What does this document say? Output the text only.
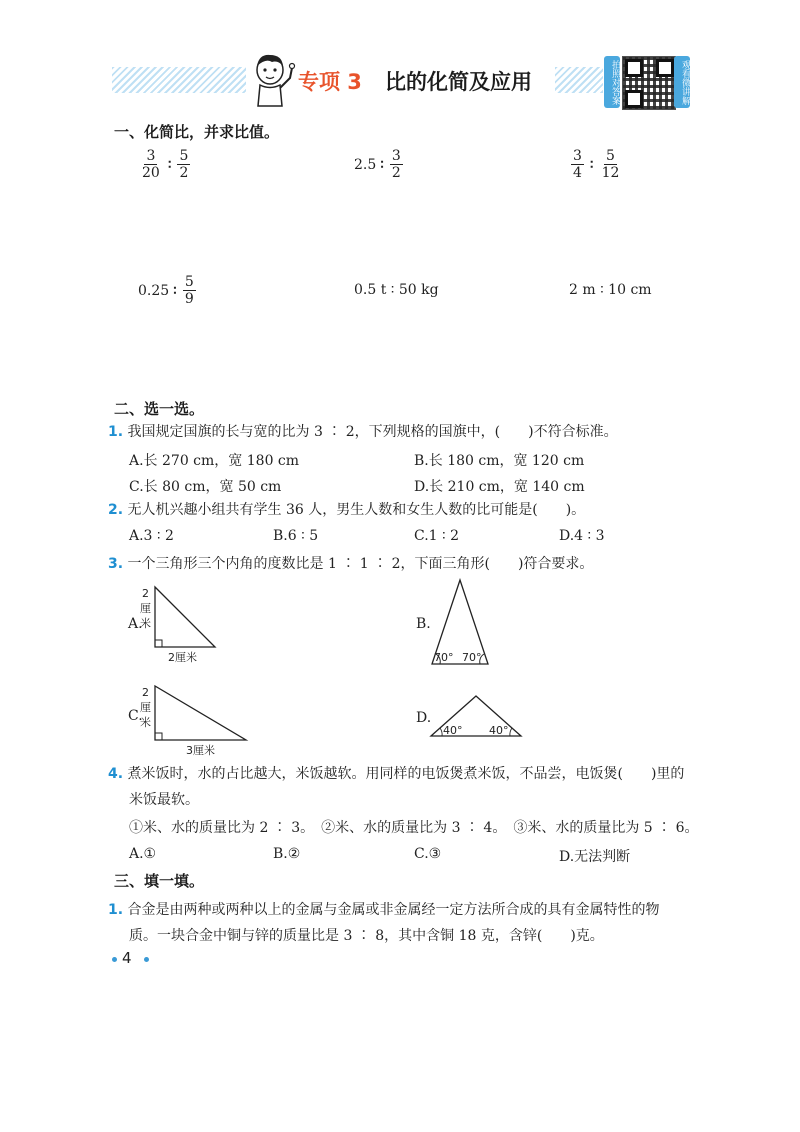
专项 3 比的化简及应用	拍照对答案	观看微讲解
一、化简比，并求比值。
$\frac{3}{20}$ ∶ $\frac{5}{2}$	2.5 ∶ $\frac{3}{2}$	$\frac{3}{4}$ ∶ $\frac{5}{12}$
0.25 ∶ $\frac{5}{9}$	0.5 t ∶ 50 kg	2 m ∶ 10 cm
二、选一选。
1. 我国规定国旗的长与宽的比为 3 ∶ 2，下列规格的国旗中，(　　)不符合标准。
A.长 270 cm，宽 180 cm	B.长 180 cm，宽 120 cm
C.长 80 cm，宽 50 cm	D.长 210 cm，宽 140 cm
2. 无人机兴趣小组共有学生 36 人，男生人数和女生人数的比可能是(　　)。
A.3 ∶ 2	B.6 ∶ 5	C.1 ∶ 2	D.4 ∶ 3
3. 一个三角形三个内角的度数比是 1 ∶ 1 ∶ 2，下面三角形(　　)符合要求。
A.
2
厘
米
2厘米
B.
70° 70°
C.
2
厘
米
3厘米
D.
40° 40°
4. 煮米饭时，水的占比越大，米饭越软。用同样的电饭煲煮米饭，不品尝，电饭煲(　　)里的
米饭最软。
①米、水的质量比为 2 ∶ 3。　②米、水的质量比为 3 ∶ 4。　③米、水的质量比为 5 ∶ 6。
A.①	B.②	C.③	D.无法判断
三、填一填。
1. 合金是由两种或两种以上的金属与金属或非金属经一定方法所合成的具有金属特性的物
质。一块合金中铜与锌的质量比是 3 ∶ 8，其中含铜 18 克，含锌(　　)克。
4
